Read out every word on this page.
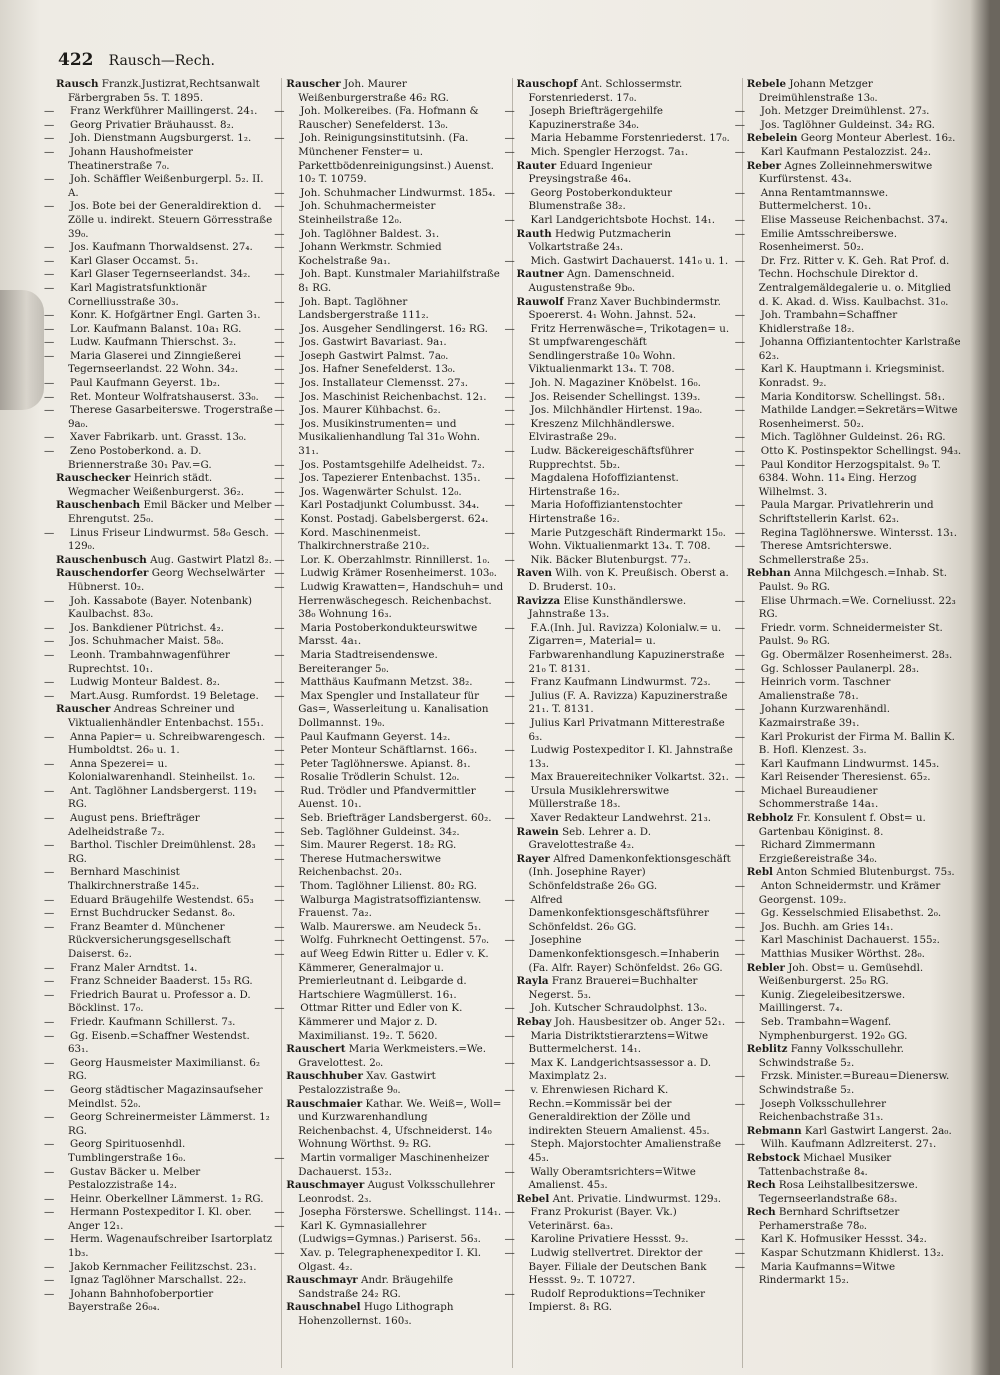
422 Rausch—Rech.

Rausch Franzk.Justizrat,Rechtsanwalt Färbergraben 5s. T. 1895.

— Franz Werkführer Maillingerst. 24₁.

— Georg Privatier Bräuhausst. 8₂.

— Joh. Dienstmann Augsburgerst. 1₂.

— Johann Haushofmeister Theatinerstraße 7₀.

— Joh. Schäffler Weißenburgerpl. 5₂. II. A.

— Jos. Bote bei der Generaldirektion d. Zölle u. indirekt. Steuern Görresstraße 39₀.

— Jos. Kaufmann Thorwaldsenst. 27₄.

— Karl Glaser Occamst. 5₁.

— Karl Glaser Tegernseerlandst. 34₂.

— Karl Magistratsfunktionär Cornelliusstraße 30₃.

— Konr. K. Hofgärtner Engl. Garten 3₁.

— Lor. Kaufmann Balanst. 10a₁ RG.

— Ludw. Kaufmann Thierschst. 3₂.

— Maria Glaserei und Zinngießerei Tegernseerlandst. 22 Wohn. 34₂.

— Paul Kaufmann Geyerst. 1b₂.

— Ret. Monteur Wolfratshauserst. 33₀.

— Therese Gasarbeiterswe. Trogerstraße 9a₀.

— Xaver Fabrikarb. unt. Grasst. 13₀.

— Zeno Postoberkond. a. D. Briennerstraße 30₁ Pav.=G.

Rauschecker Heinrich städt. Wegmacher Weißenburgerst. 36₂.

Rauschenbach Emil Bäcker und Melber Ehrengutst. 25₀.

— Linus Friseur Lindwurmst. 58₀ Gesch. 129₀.

Rauschenbusch Aug. Gastwirt Platzl 8₂.

Rauschendorfer Georg Wechselwärter Hübnerst. 10₂.

— Joh. Kassabote (Bayer. Notenbank) Kaulbachst. 83₀.

— Jos. Bankdiener Pütrichst. 4₂.

— Jos. Schuhmacher Maist. 58₀.

— Leonh. Trambahnwagenführer Ruprechtst. 10₁.

— Ludwig Monteur Baldest. 8₂.

— Mart.Ausg. Rumfordst. 19 Beletage.

Rauscher Andreas Schreiner und Viktualienhändler Entenbachst. 155₁.

— Anna Papier= u. Schreibwarengesch. Humboldtst. 26₀ u. 1.

— Anna Spezerei= u. Kolonialwarenhandl. Steinheilst. 1₀.

— Ant. Taglöhner Landsbergerst. 119₁ RG.

— August pens. Briefträger Adelheidstraße 7₂.

— Barthol. Tischler Dreimühlenst. 28₃ RG.

— Bernhard Maschinist Thalkirchnerstraße 145₂.

— Eduard Bräugehilfe Westendst. 65₃

— Ernst Buchdrucker Sedanst. 8₀.

— Franz Beamter d. Münchener Rückversicherungsgesellschaft Daiserst. 6₂.

— Franz Maler Arndtst. 1₄.

— Franz Schneider Baaderst. 15₃ RG.

— Friedrich Baurat u. Professor a. D. Böcklinst. 17₀.

— Friedr. Kaufmann Schillerst. 7₃.

— Gg. Eisenb.=Schaffner Westendst. 63₁.

— Georg Hausmeister Maximilianst. 6₂ RG.

— Georg städtischer Magazinsaufseher Meindlst. 52₀.

— Georg Schreinermeister Lämmerst. 1₂ RG.

— Georg Spirituosenhdl. Tumblingerstraße 16₀.

— Gustav Bäcker u. Melber Pestalozzistraße 14₂.

— Heinr. Oberkellner Lämmerst. 1₂ RG.

— Hermann Postexpeditor I. Kl. ober. Anger 12₁.

— Herm. Wagenaufschreiber Isartorplatz 1b₃.

— Jakob Kernmacher Feilitzschst. 23₁.

— Ignaz Taglöhner Marschallst. 22₂.

— Johann Bahnhofoberportier Bayerstraße 26₀₄.

Rauscher Joh. Maurer Weißenburgerstraße 46₂ RG.

— Joh. Molkereibes. (Fa. Hofmann & Rauscher) Senefelderst. 13₀.

— Joh. Reinigungsinstitutsinh. (Fa. Münchener Fenster= u. Parkettbödenreinigungsinst.) Auenst. 10₂ T. 10759.

— Joh. Schuhmacher Lindwurmst. 185₄.

— Joh. Schuhmachermeister Steinheilstraße 12₀.

— Joh. Taglöhner Baldest. 3₁.

— Johann Werkmstr. Schmied Kochelstraße 9a₁.

— Joh. Bapt. Kunstmaler Mariahilfstraße 8₁ RG.

— Joh. Bapt. Taglöhner Landsbergerstraße 111₂.

— Jos. Ausgeher Sendlingerst. 16₂ RG.

— Jos. Gastwirt Bavariast. 9a₁.

— Joseph Gastwirt Palmst. 7a₀.

— Jos. Hafner Senefelderst. 13₀.

— Jos. Installateur Clemensst. 27₃.

— Jos. Maschinist Reichenbachst. 12₁.

— Jos. Maurer Kühbachst. 6₂.

— Jos. Musikinstrumenten= und Musikalienhandlung Tal 31₀ Wohn. 31₁.

— Jos. Postamtsgehilfe Adelheidst. 7₂.

— Jos. Tapezierer Entenbachst. 135₁.

— Jos. Wagenwärter Schulst. 12₀.

— Karl Postadjunkt Columbusst. 34₄.

— Konst. Postadj. Gabelsbergerst. 62₄.

— Kord. Maschinenmeist. Thalkirchnerstraße 210₂.

— Lor. K. Oberzahlmstr. Rinnillerst. 1₀.

— Ludwig Krämer Rosenheimerst. 103₀.

— Ludwig Krawatten=, Handschuh= und Herrenwäschegesch. Reichenbachst. 38₀ Wohnung 16₃.

— Maria Postoberkondukteurswitwe Marsst. 4a₁.

— Maria Stadtreisendenswe. Bereiteranger 5₀.

— Matthäus Kaufmann Metzst. 38₂.

— Max Spengler und Installateur für Gas=, Wasserleitung u. Kanalisation Dollmannst. 19₀.

— Paul Kaufmann Geyerst. 14₂.

— Peter Monteur Schäftlarnst. 166₃.

— Peter Taglöhnerswe. Apianst. 8₁.

— Rosalie Trödlerin Schulst. 12₀.

— Rud. Trödler und Pfandvermittler Auenst. 10₁.

— Seb. Briefträger Landsbergerst. 60₂.

— Seb. Taglöhner Guldeinst. 34₂.

— Sim. Maurer Regerst. 18₂ RG.

— Therese Hutmacherswitwe Reichenbachst. 20₃.

— Thom. Taglöhner Lilienst. 80₂ RG.

— Walburga Magistratsoffiziantensw. Frauenst. 7a₂.

— Walb. Maurerswe. am Neudeck 5₁.

— Wolfg. Fuhrknecht Oettingenst. 57₀.

— auf Weeg Edwin Ritter u. Edler v. K. Kämmerer, Generalmajor u. Premierleutnant d. Leibgarde d. Hartschiere Wagmüllerst. 16₁.

— Ottmar Ritter und Edler von K. Kämmerer und Major z. D. Maximilianst. 19₂. T. 5620.

Rauschert Maria Werkmeisters.=We. Gravelottest. 2₀.

Rauschhuber Xav. Gastwirt Pestalozzistraße 9₀.

Rauschmaier Kathar. We. Weiß=, Woll= und Kurzwarenhandlung Reichenbachst. 4, Ufschneiderst. 14₀ Wohnung Wörthst. 9₂ RG.

— Martin vormaliger Maschinenheizer Dachauerst. 153₂.

Rauschmayer August Volksschullehrer Leonrodst. 2₃.

— Josepha Försterswe. Schellingst. 114₁.

— Karl K. Gymnasiallehrer (Ludwigs=Gymnas.) Pariserst. 56₃.

— Xav. p. Telegraphenexpeditor I. Kl. Olgast. 4₂.

Rauschmayr Andr. Bräugehilfe Sandstraße 24₂ RG.

Rauschnabel Hugo Lithograph Hohenzollernst. 160₃.

Rauschopf Ant. Schlossermstr. Forstenriederst. 17₀.

— Joseph Briefträgergehilfe Kapuzinerstraße 34₀.

— Maria Hebamme Forstenriederst. 17₀.

— Mich. Spengler Herzogst. 7a₁.

Rauter Eduard Ingenieur Preysingstraße 46₄.

— Georg Postoberkondukteur Blumenstraße 38₂.

— Karl Landgerichtsbote Hochst. 14₁.

Rauth Hedwig Putzmacherin Volkartstraße 24₃.

— Mich. Gastwirt Dachauerst. 141₀ u. 1.

Rautner Agn. Damenschneid. Augustenstraße 9b₀.

Rauwolf Franz Xaver Buchbindermstr. Spoererst. 4₁ Wohn. Jahnst. 52₄.

— Fritz Herrenwäsche=, Trikotagen= u. St umpfwarengeschäft Sendlingerstraße 10₀ Wohn. Viktualienmarkt 13₄. T. 708.

— Joh. N. Magaziner Knöbelst. 16₀.

— Jos. Reisender Schellingst. 139₃.

— Jos. Milchhändler Hirtenst. 19a₀.

— Kreszenz Milchhändlerswe. Elvirastraße 29₀.

— Ludw. Bäckereigeschäftsführer Rupprechtst. 5b₂.

— Magdalena Hofoffiziantenst. Hirtenstraße 16₂.

— Maria Hofoffiziantenstochter Hirtenstraße 16₂.

— Marie Putzgeschäft Rindermarkt 15₀. Wohn. Viktualienmarkt 13₄. T. 708.

— Nik. Bäcker Blutenburgst. 77₂.

Raven Wilh. von K. Preußisch. Oberst a. D. Bruderst. 10₃.

Ravizza Elise Kunsthändlerswe. Jahnstraße 13₃.

— F.A.(Inh. Jul. Ravizza) Kolonialw.= u. Zigarren=, Material= u. Farbwarenhandlung Kapuzinerstraße 21₀ T. 8131.

— Franz Kaufmann Lindwurmst. 72₃.

— Julius (F. A. Ravizza) Kapuzinerstraße 21₁. T. 8131.

— Julius Karl Privatmann Mitterestraße 6₃.

— Ludwig Postexpeditor I. Kl. Jahnstraße 13₃.

— Max Brauereitechniker Volkartst. 32₁.

— Ursula Musiklehrerswitwe Müllerstraße 18₃.

— Xaver Redakteur Landwehrst. 21₃.

Rawein Seb. Lehrer a. D. Gravelottestraße 4₂.

Rayer Alfred Damenkonfektionsgeschäft (Inh. Josephine Rayer) Schönfeldstraße 26₀ GG.

— Alfred Damenkonfektionsgeschäftsführer Schönfeldst. 26₀ GG.

— Josephine Damenkonfektionsgesch.=Inhaberin (Fa. Alfr. Rayer) Schönfeldst. 26₀ GG.

Rayla Franz Brauerei=Buchhalter Negerst. 5₃.

— Joh. Kutscher Schraudolphst. 13₀.

Rebay Joh. Hausbesitzer ob. Anger 52₁.

— Maria Distriktstierarztens=Witwe Buttermelcherst. 14₁.

— Max K. Landgerichtsassessor a. D. Maximplatz 2₃.

— v. Ehrenwiesen Richard K. Rechn.=Kommissär bei der Generaldirektion der Zölle und indirekten Steuern Amalienst. 45₃.

— Steph. Majorstochter Amalienstraße 45₃.

— Wally Oberamtsrichters=Witwe Amalienst. 45₃.

Rebel Ant. Privatie. Lindwurmst. 129₃.

— Franz Prokurist (Bayer. Vk.) Veterinärst. 6a₃.

— Karoline Privatiere Hessst. 9₂.

— Ludwig stellvertret. Direktor der Bayer. Filiale der Deutschen Bank Hessst. 9₂. T. 10727.

— Rudolf Reproduktions=Techniker Impierst. 8₁ RG.

Rebele Johann Metzger Dreimühlenstraße 13₀.

— Joh. Metzger Dreimühlenst. 27₃.

— Jos. Taglöhner Guldeinst. 34₂ RG.

Rebelein Georg Monteur Aberlest. 16₂.

— Karl Kaufmann Pestalozzist. 24₂.

Reber Agnes Zolleinnehmerswitwe Kurfürstenst. 43₄.

— Anna Rentamtmannswe. Buttermelcherst. 10₁.

— Elise Masseuse Reichenbachst. 37₄.

— Emilie Amtsschreiberswe. Rosenheimerst. 50₂.

— Dr. Frz. Ritter v. K. Geh. Rat Prof. d. Techn. Hochschule Direktor d. Zentralgemäldegalerie u. o. Mitglied d. K. Akad. d. Wiss. Kaulbachst. 31₀.

— Joh. Trambahn=Schaffner Khidlerstraße 18₂.

— Johanna Offiziantentochter Karlstraße 62₃.

— Karl K. Hauptmann i. Kriegsminist. Konradst. 9₂.

— Maria Konditorsw. Schellingst. 58₁.

— Mathilde Landger.=Sekretärs=Witwe Rosenheimerst. 50₂.

— Mich. Taglöhner Guldeinst. 26₁ RG.

— Otto K. Postinspektor Schellingst. 94₃.

— Paul Konditor Herzogspitalst. 9₀ T. 6384. Wohn. 11₄ Eing. Herzog Wilhelmst. 3.

— Paula Margar. Privatlehrerin und Schriftstellerin Karlst. 62₃.

— Regina Taglöhnerswe. Wintersst. 13₁.

— Therese Amtsrichterswe. Schmellerstraße 25₃.

Rebhan Anna Milchgesch.=Inhab. St. Paulst. 9₀ RG.

— Elise Uhrmach.=We. Corneliusst. 22₃ RG.

— Friedr. vorm. Schneidermeister St. Paulst. 9₀ RG.

— Gg. Obermälzer Rosenheimerst. 28₃.

— Gg. Schlosser Paulanerpl. 28₃.

— Heinrich vorm. Taschner Amalienstraße 78₁.

— Johann Kurzwarenhändl. Kazmairstraße 39₁.

— Karl Prokurist der Firma M. Ballin K. B. Hofl. Klenzest. 3₃.

— Karl Kaufmann Lindwurmst. 145₃.

— Karl Reisender Theresienst. 65₂.

— Michael Bureaudiener Schommerstraße 14a₁.

Rebholz Fr. Konsulent f. Obst= u. Gartenbau Königinst. 8.

— Richard Zimmermann Erzgießereistraße 34₀.

Rebl Anton Schmied Blutenburgst. 75₃.

— Anton Schneidermstr. und Krämer Georgenst. 109₂.

— Gg. Kesselschmied Elisabethst. 2₀.

— Jos. Buchh. am Gries 14₁.

— Karl Maschinist Dachauerst. 155₂.

— Matthias Musiker Wörthst. 28₀.

Rebler Joh. Obst= u. Gemüsehdl. Weißenburgerst. 25₀ RG.

— Kunig. Ziegeleibesitzerswe. Maillingerst. 7₄.

— Seb. Trambahn=Wagenf. Nymphenburgerst. 192₀ GG.

Reblitz Fanny Volksschullehr. Schwindstraße 5₂.

— Frzsk. Minister.=Bureau=Dienersw. Schwindstraße 5₂.

— Joseph Volksschullehrer Reichenbachstraße 31₃.

Rebmann Karl Gastwirt Langerst. 2a₀.

— Wilh. Kaufmann Adlzreiterst. 27₁.

Rebstock Michael Musiker Tattenbachstraße 8₄.

Rech Rosa Leihstallbesitzerswe. Tegernseerlandstraße 68₃.

Rech Bernhard Schriftsetzer Perhamerstraße 78₀.

— Karl K. Hofmusiker Hessst. 34₂.

— Kaspar Schutzmann Khidlerst. 13₂.

— Maria Kaufmanns=Witwe Rindermarkt 15₂.
